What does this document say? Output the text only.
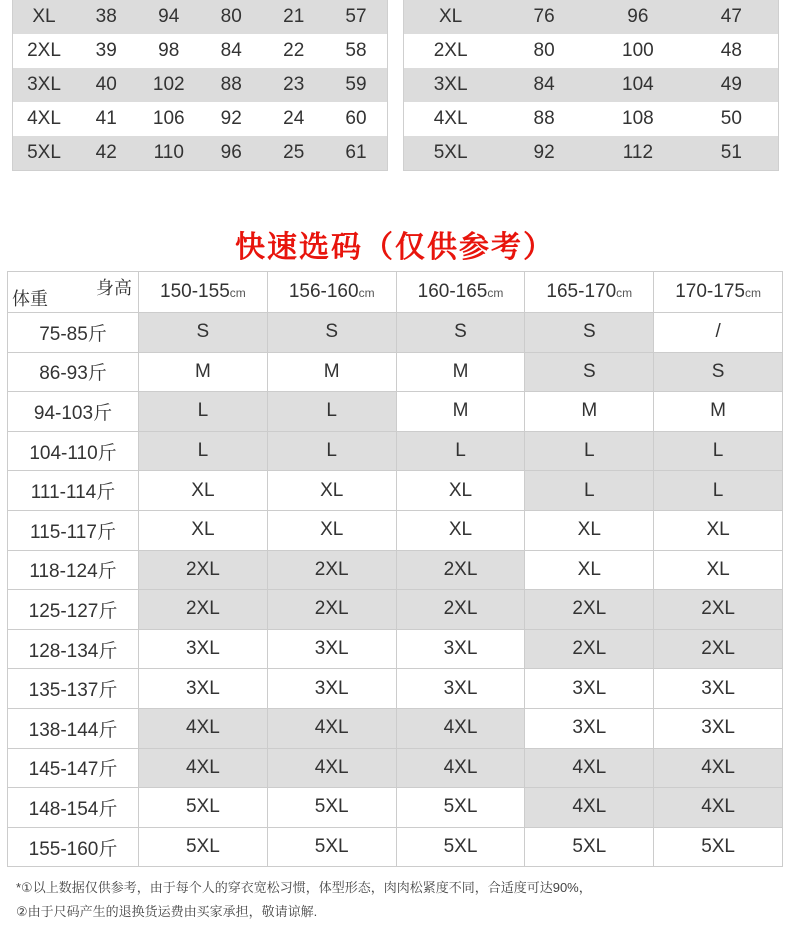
XL	38	94	80	21	57
2XL	39	98	84	22	58
3XL	40	102	88	23	59
4XL	41	106	92	24	60
5XL	42	110	96	25	61
XL	76	96	47
2XL	80	100	48
3XL	84	104	49
4XL	88	108	50
5XL	92	112	51
快速选码（仅供参考）
身高
体重	150-155cm	156-160cm	160-165cm	165-170cm	170-175cm
75-85斤	S	S	S	S	/
86-93斤	M	M	M	S	S
94-103斤	L	L	M	M	M
104-110斤	L	L	L	L	L
111-114斤	XL	XL	XL	L	L
115-117斤	XL	XL	XL	XL	XL
118-124斤	2XL	2XL	2XL	XL	XL
125-127斤	2XL	2XL	2XL	2XL	2XL
128-134斤	3XL	3XL	3XL	2XL	2XL
135-137斤	3XL	3XL	3XL	3XL	3XL
138-144斤	4XL	4XL	4XL	3XL	3XL
145-147斤	4XL	4XL	4XL	4XL	4XL
148-154斤	5XL	5XL	5XL	4XL	4XL
155-160斤	5XL	5XL	5XL	5XL	5XL
*①以上数据仅供参考，由于每个人的穿衣宽松习惯，体型形态，肉肉松紧度不同，合适度可达90%，
②由于尺码产生的退换货运费由买家承担，敬请谅解.
